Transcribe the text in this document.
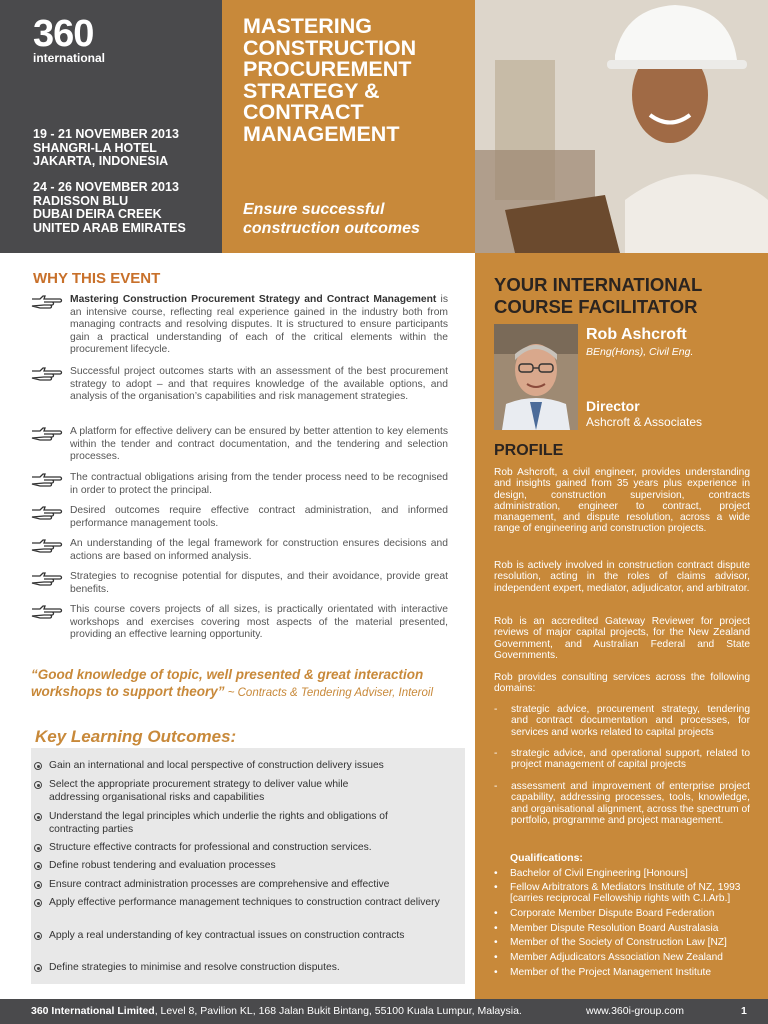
360
international
19 - 21 NOVEMBER 2013
SHANGRI-LA HOTEL
JAKARTA, INDONESIA
24 - 26 NOVEMBER 2013
RADISSON BLU
DUBAI DEIRA CREEK
UNITED ARAB EMIRATES
MASTERING
CONSTRUCTION
PROCUREMENT
STRATEGY &
CONTRACT
MANAGEMENT
Ensure successful
construction outcomes
WHY THIS EVENT
Mastering Construction Procurement Strategy and Contract Management is an intensive course, reflecting real experience gained in the industry both from managing contracts and resolving disputes. It is structured to ensure participants gain a practical understanding of each of the critical elements within the procurement lifecycle.
Successful project outcomes starts with an assessment of the best procurement strategy to adopt – and that requires knowledge of the available options, and analysis of the organisation’s capabilities and risk management strategies.
A platform for effective delivery can be ensured by better attention to key elements within the tender and contract documentation, and the tendering and selection processes.
The contractual obligations arising from the tender process need to be recognised in order to protect the principal.
Desired outcomes require effective contract administration, and informed performance management tools.
An understanding of the legal framework for construction ensures decisions and actions are based on informed analysis.
Strategies to recognise potential for disputes, and their avoidance, provide great benefits.
This course covers projects of all sizes, is practically orientated with interactive workshops and exercises covering most aspects of the material presented, providing an effective learning opportunity.
“Good knowledge of topic, well presented & great interaction workshops to support theory” ~ Contracts & Tendering Adviser, Interoil
Key Learning Outcomes:
Gain an international and local perspective of construction delivery issues
Select the appropriate procurement strategy to deliver value while addressing organisational risks and capabilities
Understand the legal principles which underlie the rights and obligations of contracting parties
Structure effective contracts for professional and construction services.
Define robust tendering and evaluation processes
Ensure contract administration processes are comprehensive and effective
Apply effective performance management techniques to construction contract delivery
Apply a real understanding of key contractual issues on construction contracts
Define strategies to minimise and resolve construction disputes.
YOUR INTERNATIONAL
COURSE FACILITATOR
Rob Ashcroft
BEng(Hons), Civil Eng.
Director
Ashcroft & Associates
PROFILE
Rob Ashcroft, a civil engineer, provides understanding and insights gained from 35 years plus experience in design, construction supervision, contracts administration, engineer to contract, project management, and dispute resolution, across a wide range of engineering and construction projects.
Rob is actively involved in construction contract dispute resolution, acting in the roles of claims advisor, independent expert, mediator, adjudicator, and arbitrator.
Rob is an accredited Gateway Reviewer for project reviews of major capital projects, for the New Zealand Government, and Australian Federal and State Governments.
Rob provides consulting services across the following domains:
-	strategic advice, procurement strategy, tendering and contract documentation and processes, for services and works related to capital projects
-	strategic advice, and operational support, related to project management of capital projects
-	assessment and improvement of enterprise project capability, addressing processes, tools, knowledge, and organisational alignment, across the spectrum of portfolio, programme and project management.
Qualifications:
•	Bachelor of Civil Engineering [Honours]
•	Fellow Arbitrators & Mediators Institute of NZ, 1993 [carries reciprocal Fellowship rights with C.I.Arb.]
•	Corporate Member Dispute Board Federation
•	Member Dispute Resolution Board Australasia
•	Member of the Society of Construction Law [NZ]
•	Member Adjudicators Association New Zealand
•	Member of the Project Management Institute
360 International Limited, Level 8, Pavilion KL, 168 Jalan Bukit Bintang, 55100 Kuala Lumpur, Malaysia.	www.360i-group.com	1
